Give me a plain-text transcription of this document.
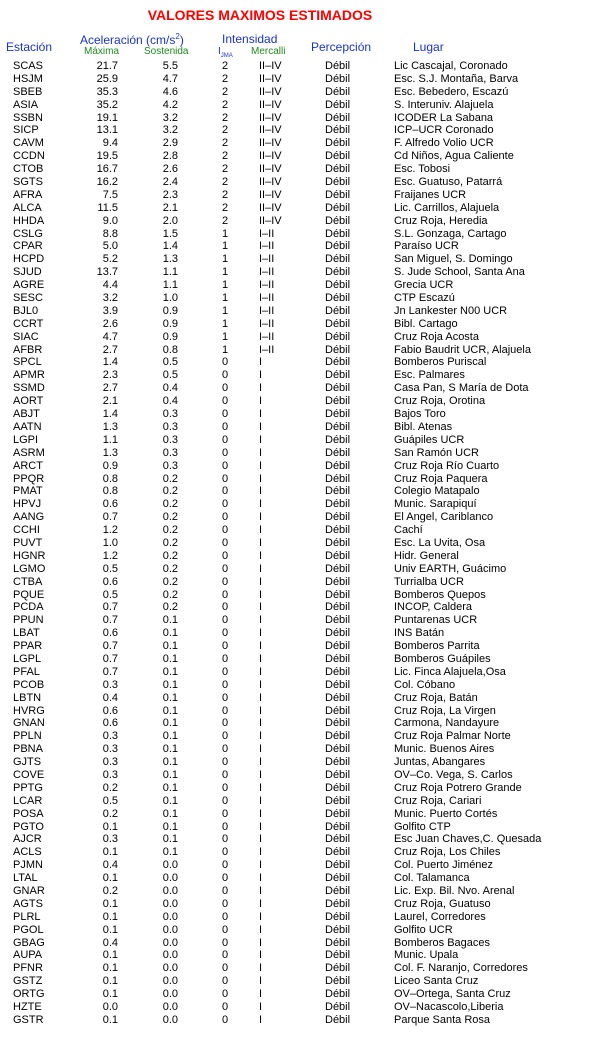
VALORES MAXIMOS ESTIMADOS
Estación Aceleración $(cm/s^2)$	Intensidad
Percepción	Lugar
Máxima Sostenida	$I_{JMA}$ Mercalli
SCAS	21.7	5.5	2	II–IV	Débil	Lic Cascajal, Coronado
HSJM	25.9	4.7	2	II–IV	Débil	Esc. S.J. Montaña, Barva
SBEB	35.3	4.6	2	II–IV	Débil	Esc. Bebedero, Escazú
ASIA	35.2	4.2	2	II–IV	Débil	S. Interuniv. Alajuela
SSBN	19.1	3.2	2	II–IV	Débil	ICODER La Sabana
SICP	13.1	3.2	2	II–IV	Débil	ICP–UCR Coronado
CAVM	9.4	2.9	2	II–IV	Débil	F. Alfredo Volio UCR
CCDN	19.5	2.8	2	II–IV	Débil	Cd Niños, Agua Caliente
CTOB	16.7	2.6	2	II–IV	Débil	Esc. Tobosi
SGTS	16.2	2.4	2	II–IV	Débil	Esc. Guatuso, Patarrá
AFRA	7.5	2.3	2	II–IV	Débil	Fraijanes UCR
ALCA	11.5	2.1	2	II–IV	Débil	Lic. Carrillos, Alajuela
HHDA	9.0	2.0	2	II–IV	Débil	Cruz Roja, Heredia
CSLG	8.8	1.5	1	I–II	Débil	S.L. Gonzaga, Cartago
CPAR	5.0	1.4	1	I–II	Débil	Paraíso UCR
HCPD	5.2	1.3	1	I–II	Débil	San Miguel, S. Domingo
SJUD	13.7	1.1	1	I–II	Débil	S. Jude School, Santa Ana
AGRE	4.4	1.1	1	I–II	Débil	Grecia UCR
SESC	3.2	1.0	1	I–II	Débil	CTP Escazú
BJL0	3.9	0.9	1	I–II	Débil	Jn Lankester N00 UCR
CCRT	2.6	0.9	1	I–II	Débil	Bibl. Cartago
SIAC	4.7	0.9	1	I–II	Débil	Cruz Roja Acosta
AFBR	2.7	0.8	1	I–II	Débil	Fabio Baudrit UCR, Alajuela
SPCL	1.4	0.5	0	I	Débil	Bomberos Puriscal
APMR	2.3	0.5	0	I	Débil	Esc. Palmares
SSMD	2.7	0.4	0	I	Débil	Casa Pan, S María de Dota
AORT	2.1	0.4	0	I	Débil	Cruz Roja, Orotina
ABJT	1.4	0.3	0	I	Débil	Bajos Toro
AATN	1.3	0.3	0	I	Débil	Bibl. Atenas
LGPI	1.1	0.3	0	I	Débil	Guápiles UCR
ASRM	1.3	0.3	0	I	Débil	San Ramón UCR
ARCT	0.9	0.3	0	I	Débil	Cruz Roja Río Cuarto
PPQR	0.8	0.2	0	I	Débil	Cruz Roja Paquera
PMAT	0.8	0.2	0	I	Débil	Colegio Matapalo
HPVJ	0.6	0.2	0	I	Débil	Munic. Sarapiquí
AANG	0.7	0.2	0	I	Débil	El Angel, Cariblanco
CCHI	1.2	0.2	0	I	Débil	Cachí
PUVT	1.0	0.2	0	I	Débil	Esc. La Uvita, Osa
HGNR	1.2	0.2	0	I	Débil	Hidr. General
LGMO	0.5	0.2	0	I	Débil	Univ EARTH, Guácimo
CTBA	0.6	0.2	0	I	Débil	Turrialba UCR
PQUE	0.5	0.2	0	I	Débil	Bomberos Quepos
PCDA	0.7	0.2	0	I	Débil	INCOP, Caldera
PPUN	0.7	0.1	0	I	Débil	Puntarenas UCR
LBAT	0.6	0.1	0	I	Débil	INS Batán
PPAR	0.7	0.1	0	I	Débil	Bomberos Parrita
LGPL	0.7	0.1	0	I	Débil	Bomberos Guápiles
PFAL	0.7	0.1	0	I	Débil	Lic. Finca Alajuela,Osa
PCOB	0.3	0.1	0	I	Débil	Col. Cóbano
LBTN	0.4	0.1	0	I	Débil	Cruz Roja, Batán
HVRG	0.6	0.1	0	I	Débil	Cruz Roja, La Virgen
GNAN	0.6	0.1	0	I	Débil	Carmona, Nandayure
PPLN	0.3	0.1	0	I	Débil	Cruz Roja Palmar Norte
PBNA	0.3	0.1	0	I	Débil	Munic. Buenos Aires
GJTS	0.3	0.1	0	I	Débil	Juntas, Abangares
COVE	0.3	0.1	0	I	Débil	OV–Co. Vega, S. Carlos
PPTG	0.2	0.1	0	I	Débil	Cruz Roja Potrero Grande
LCAR	0.5	0.1	0	I	Débil	Cruz Roja, Cariari
POSA	0.2	0.1	0	I	Débil	Munic. Puerto Cortés
PGTO	0.1	0.1	0	I	Débil	Golfito CTP
AJCR	0.3	0.1	0	I	Débil	Esc Juan Chaves,C. Quesada
ACLS	0.1	0.1	0	I	Débil	Cruz Roja, Los Chiles
PJMN	0.4	0.0	0	I	Débil	Col. Puerto Jiménez
LTAL	0.1	0.0	0	I	Débil	Col. Talamanca
GNAR	0.2	0.0	0	I	Débil	Lic. Exp. Bil. Nvo. Arenal
AGTS	0.1	0.0	0	I	Débil	Cruz Roja, Guatuso
PLRL	0.1	0.0	0	I	Débil	Laurel, Corredores
PGOL	0.1	0.0	0	I	Débil	Golfito UCR
GBAG	0.4	0.0	0	I	Débil	Bomberos Bagaces
AUPA	0.1	0.0	0	I	Débil	Munic. Upala
PFNR	0.1	0.0	0	I	Débil	Col. F. Naranjo, Corredores
GSTZ	0.1	0.0	0	I	Débil	Liceo Santa Cruz
ORTG	0.1	0.0	0	I	Débil	OV–Ortega, Santa Cruz
HZTE	0.0	0.0	0	I	Débil	OV–Nacascolo,Liberia
GSTR	0.1	0.0	0	I	Débil	Parque Santa Rosa
